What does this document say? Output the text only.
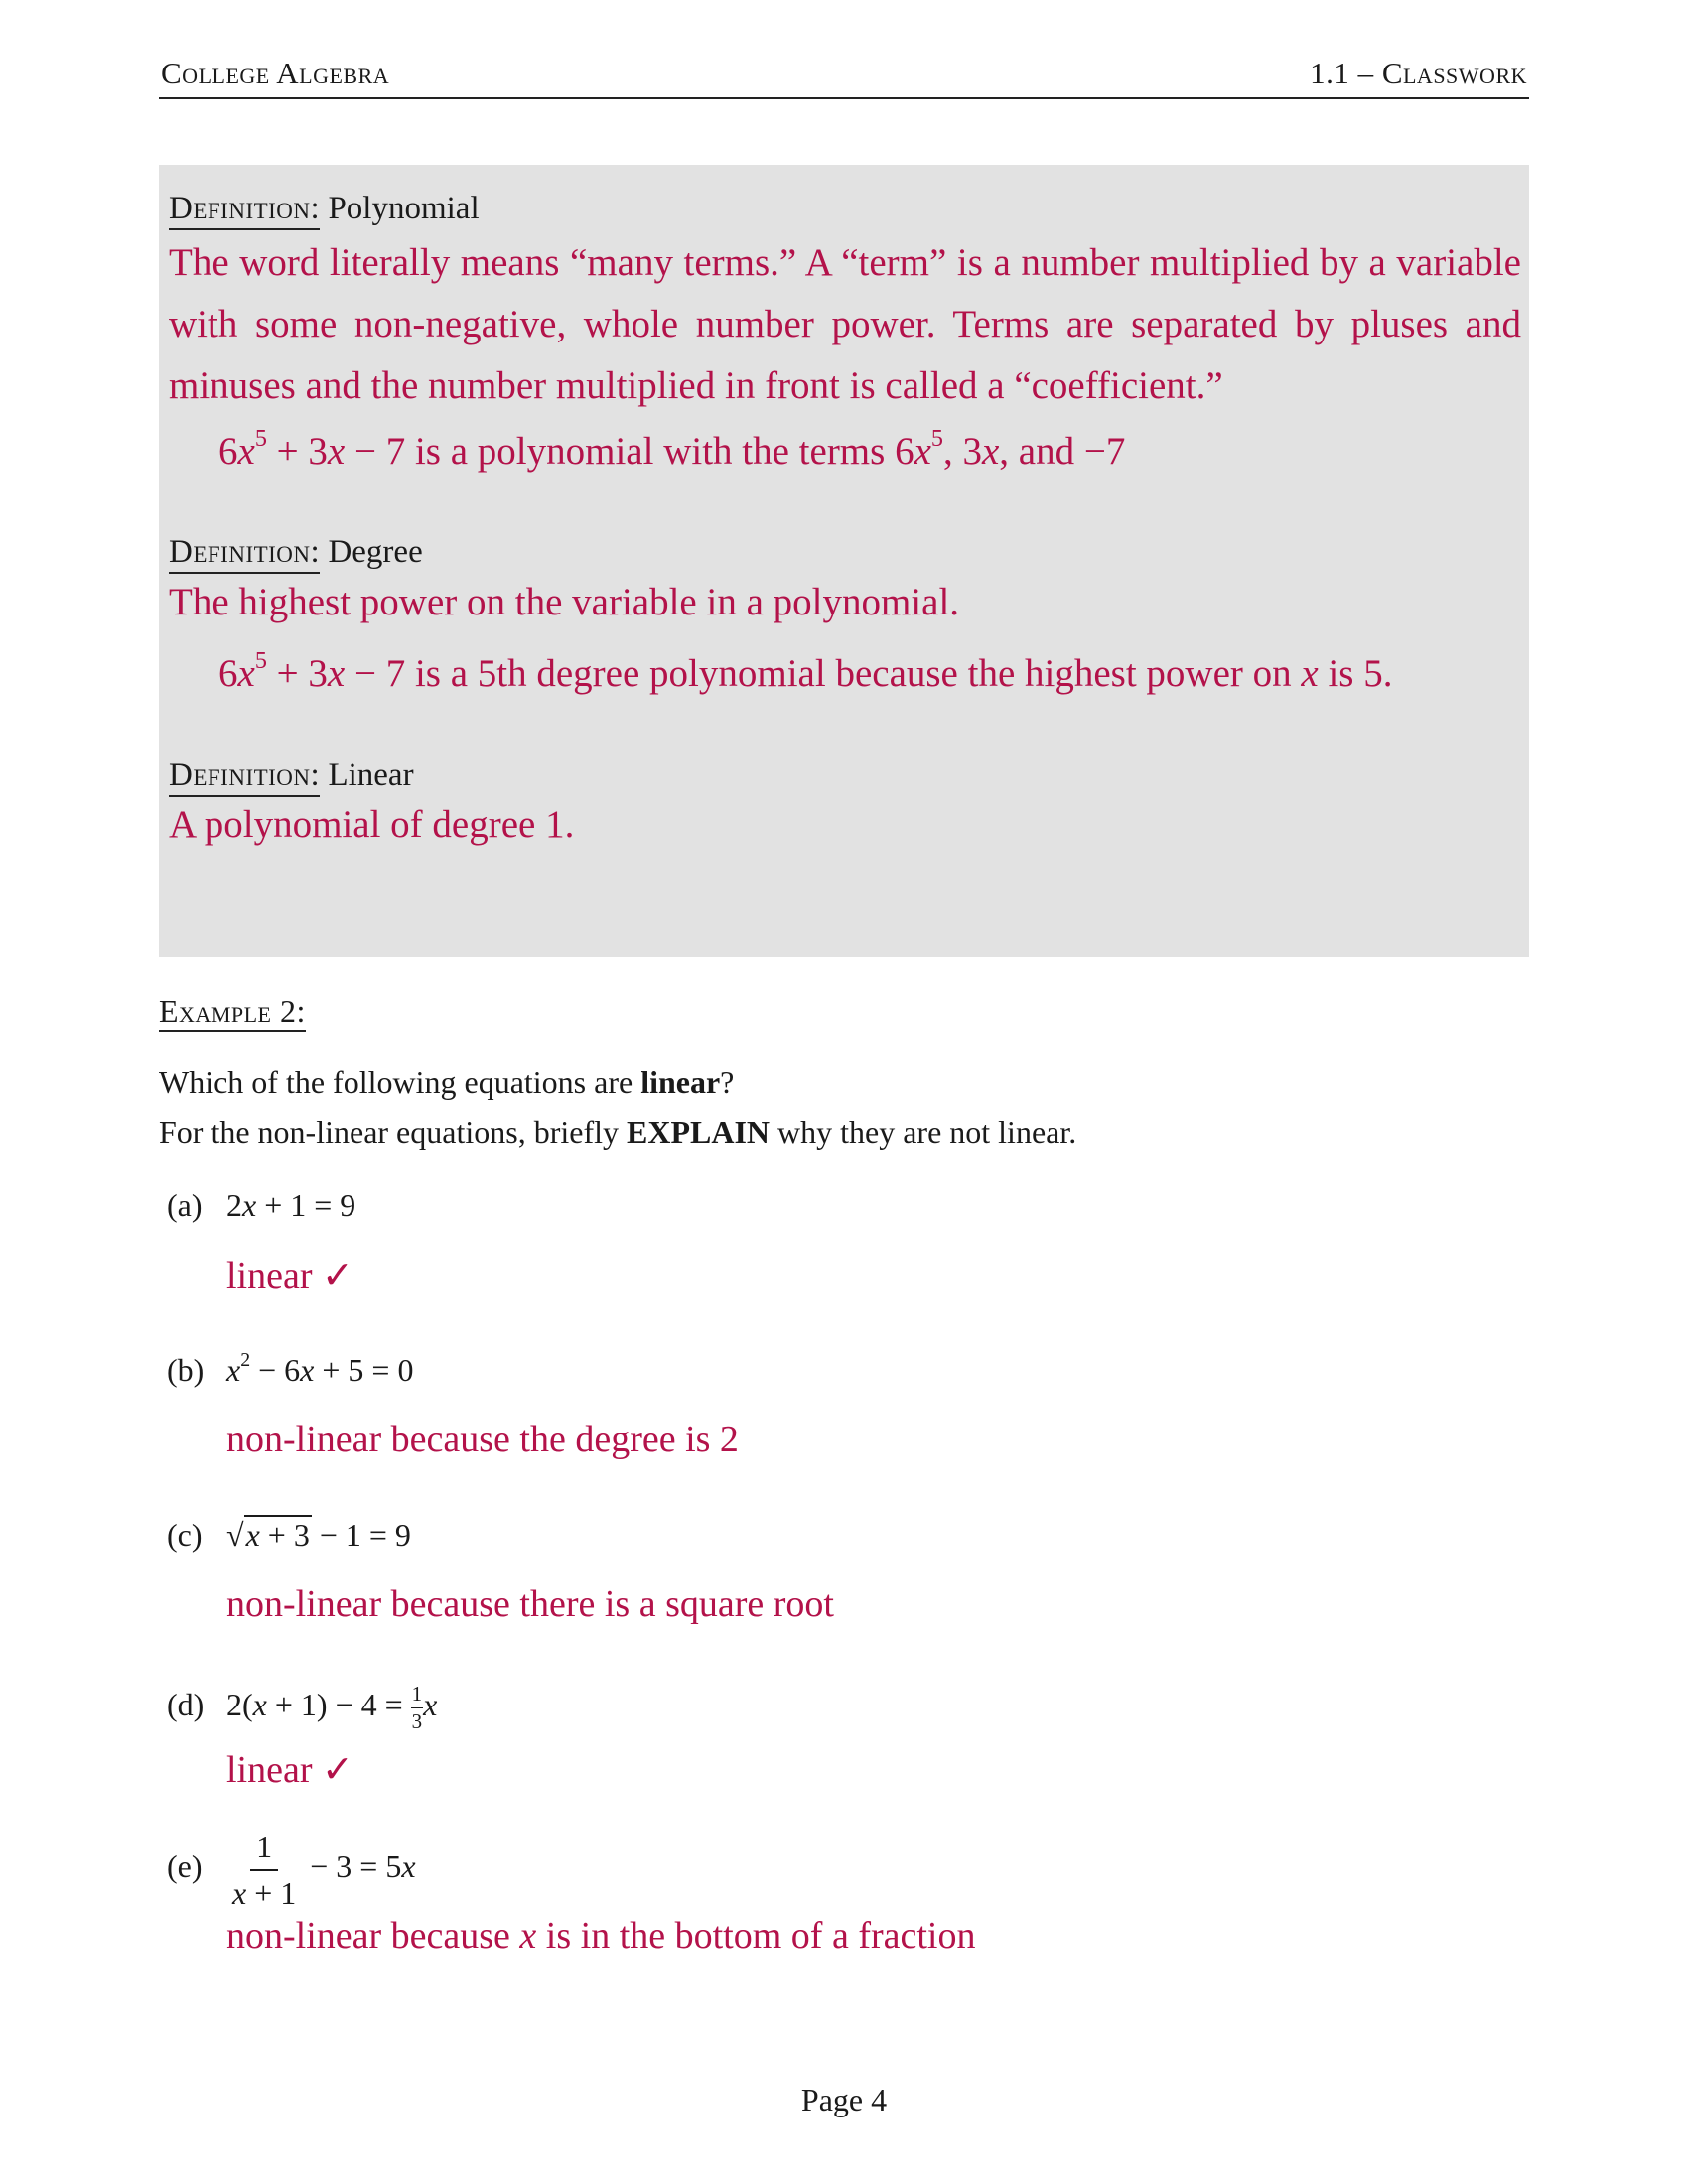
College Algebra	1.1 – Classwork
Definition: Polynomial
The word literally means “many terms.” A “term” is a number multiplied by a variable with some non-negative, whole number power. Terms are separated by pluses and minuses and the number multiplied in front is called a “coefficient.”
$6x^5 + 3x - 7$ is a polynomial with the terms $6x^5$, 3x, and −7
Definition: Degree
The highest power on the variable in a polynomial.
$6x^5 + 3x - 7$ is a 5th degree polynomial because the highest power on x is 5.
Definition: Linear
A polynomial of degree 1.
Example 2:
Which of the following equations are linear?
For the non-linear equations, briefly EXPLAIN why they are not linear.
(a) 2x + 1 = 9
linear ✓
(b) $x^2 - 6x + 5 = 0$
non-linear because the degree is 2
(c) √x + 3 − 1 = 9
non-linear because there is a square root
(d) $2(x + 1) - 4 = \frac{1}{3}$ x
linear ✓
$(e) \frac{1}{x + 1} - 3 = 5x$
non-linear because x is in the bottom of a fraction
Page 4
